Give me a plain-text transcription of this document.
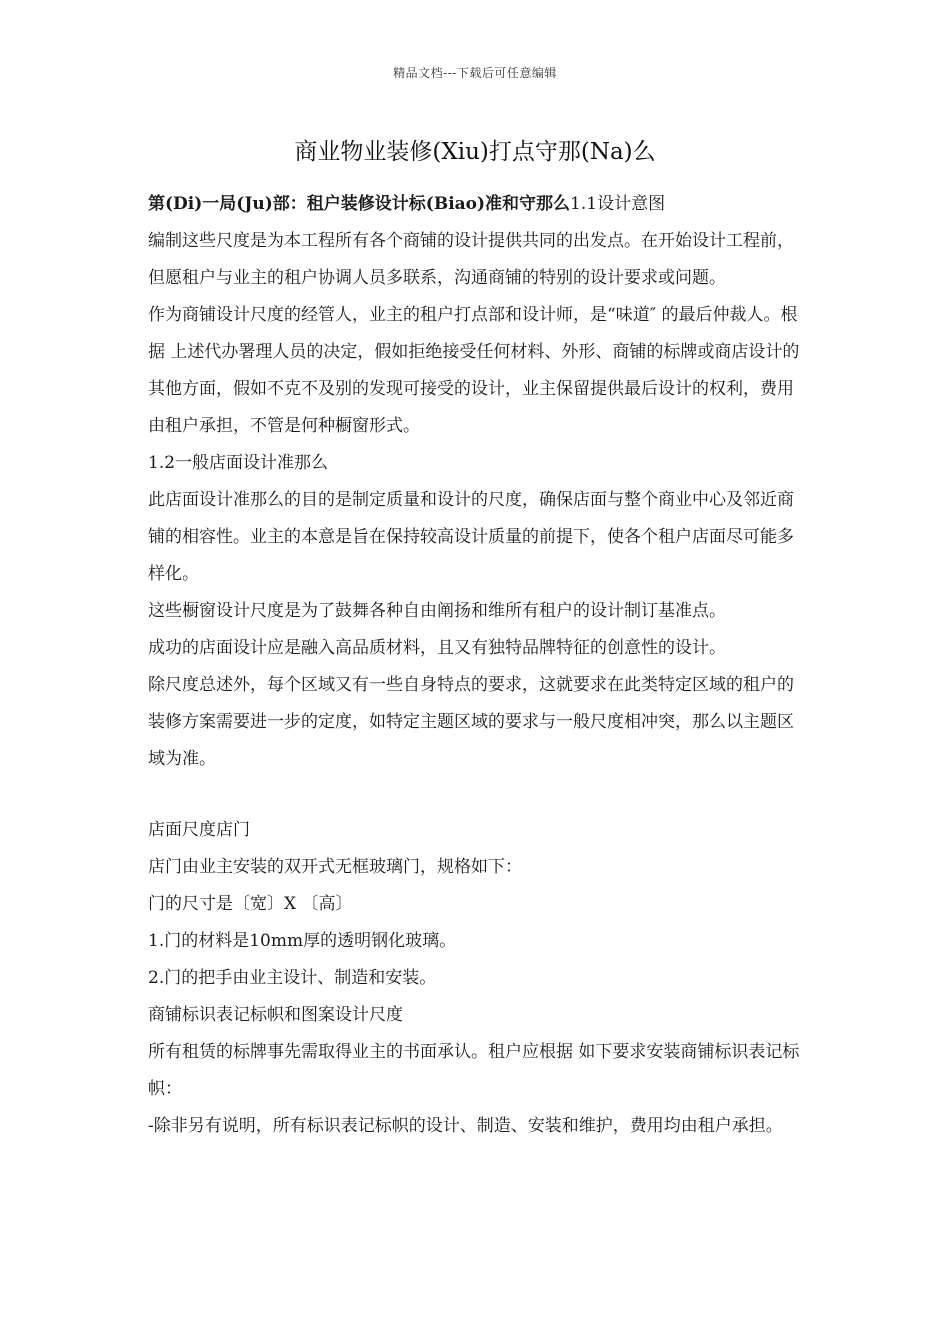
精品文档---下载后可任意编辑
商业物业装修(Xiu)打点守那(Na)么

第(Di)一局(Ju)部：租户装修设计标(Biao)准和守那么1.1设计意图

编制这些尺度是为本工程所有各个商铺的设计提供共同的出发点。在开始设计工程前，但愿租户与业主的租户协调人员多联系，沟通商铺的特别的设计要求或问题。

作为商铺设计尺度的经管人，业主的租户打点部和设计师，是“味道″ 的最后仲裁人。根据 上述代办署理人员的决定，假如拒绝接受任何材料、外形、商铺的标牌或商店设计的其他方面，假如不克不及别的发现可接受的设计，业主保留提供最后设计的权利，费用由租户承担，不管是何种橱窗形式。

1.2一般店面设计准那么

此店面设计准那么的目的是制定质量和设计的尺度，确保店面与整个商业中心及邻近商铺的相容性。业主的本意是旨在保持较高设计质量的前提下，使各个租户店面尽可能多样化。

这些橱窗设计尺度是为了鼓舞各种自由阐扬和维所有租户的设计制订基准点。

成功的店面设计应是融入高品质材料，且又有独特品牌特征的创意性的设计。

除尺度总述外，每个区域又有一些自身特点的要求，这就要求在此类特定区域的租户的装修方案需要进一步的定度，如特定主题区域的要求与一般尺度相冲突，那么以主题区域为准。

店面尺度店门

店门由业主安装的双开式无框玻璃门，规格如下：

门的尺寸是〔宽〕X 〔高〕

1.门的材料是10mm厚的透明钢化玻璃。

2.门的把手由业主设计、制造和安装。

商铺标识表记标帜和图案设计尺度

所有租赁的标牌事先需取得业主的书面承认。租户应根据 如下要求安装商铺标识表记标帜：

-除非另有说明，所有标识表记标帜的设计、制造、安装和维护，费用均由租户承担。
